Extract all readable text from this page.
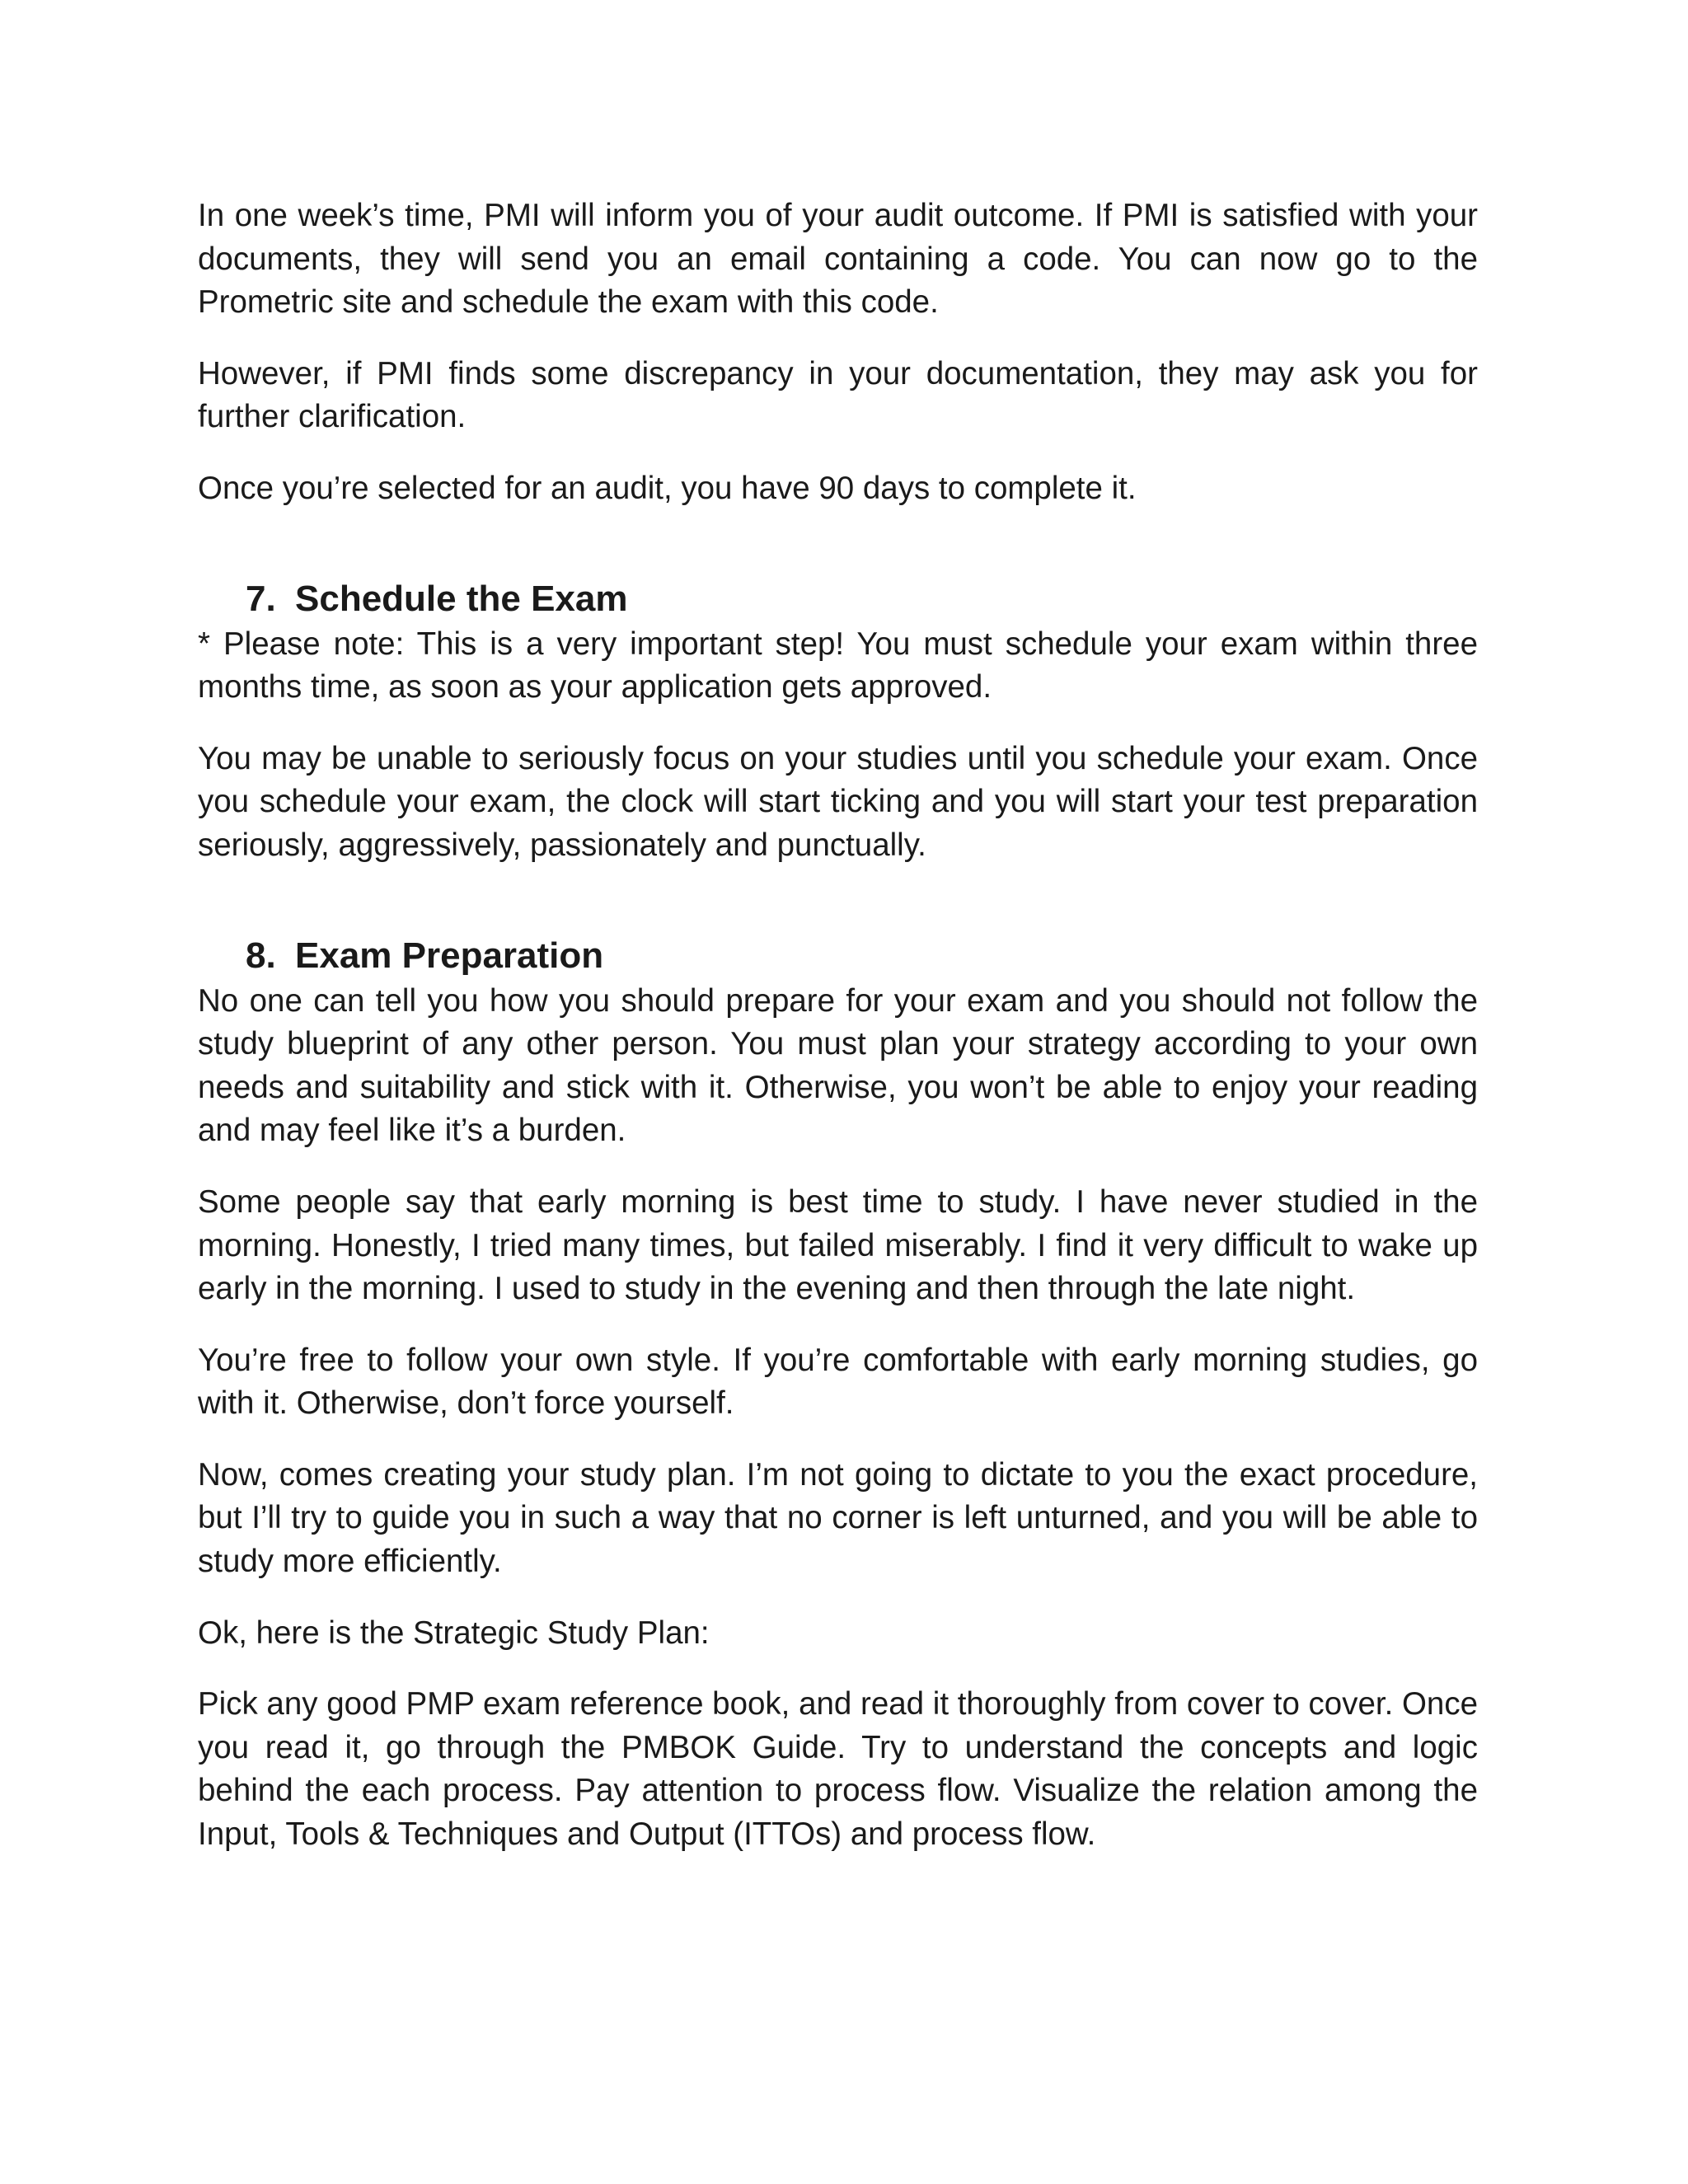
In one week’s time, PMI will inform you of your audit outcome. If PMI is satisfied with your documents, they will send you an email containing a code. You can now go to the Prometric site and schedule the exam with this code.

However, if PMI finds some discrepancy in your documentation, they may ask you for further clarification.

Once you’re selected for an audit, you have 90 days to complete it.

7. Schedule the Exam

* Please note: This is a very important step! You must schedule your exam within three months time, as soon as your application gets approved.

You may be unable to seriously focus on your studies until you schedule your exam. Once you schedule your exam, the clock will start ticking and you will start your test preparation seriously, aggressively, passionately and punctually.

8. Exam Preparation

No one can tell you how you should prepare for your exam and you should not follow the study blueprint of any other person. You must plan your strategy according to your own needs and suitability and stick with it. Otherwise, you won’t be able to enjoy your reading and may feel like it’s a burden.

Some people say that early morning is best time to study. I have never studied in the morning. Honestly, I tried many times, but failed miserably. I find it very difficult to wake up early in the morning. I used to study in the evening and then through the late night.

You’re free to follow your own style. If you’re comfortable with early morning studies, go with it. Otherwise, don’t force yourself.

Now, comes creating your study plan. I’m not going to dictate to you the exact procedure, but I’ll try to guide you in such a way that no corner is left unturned, and you will be able to study more efficiently.

Ok, here is the Strategic Study Plan:

Pick any good PMP exam reference book, and read it thoroughly from cover to cover. Once you read it, go through the PMBOK Guide. Try to understand the concepts and logic behind the each process. Pay attention to process flow. Visualize the relation among the Input, Tools & Techniques and Output (ITTOs) and process flow.
